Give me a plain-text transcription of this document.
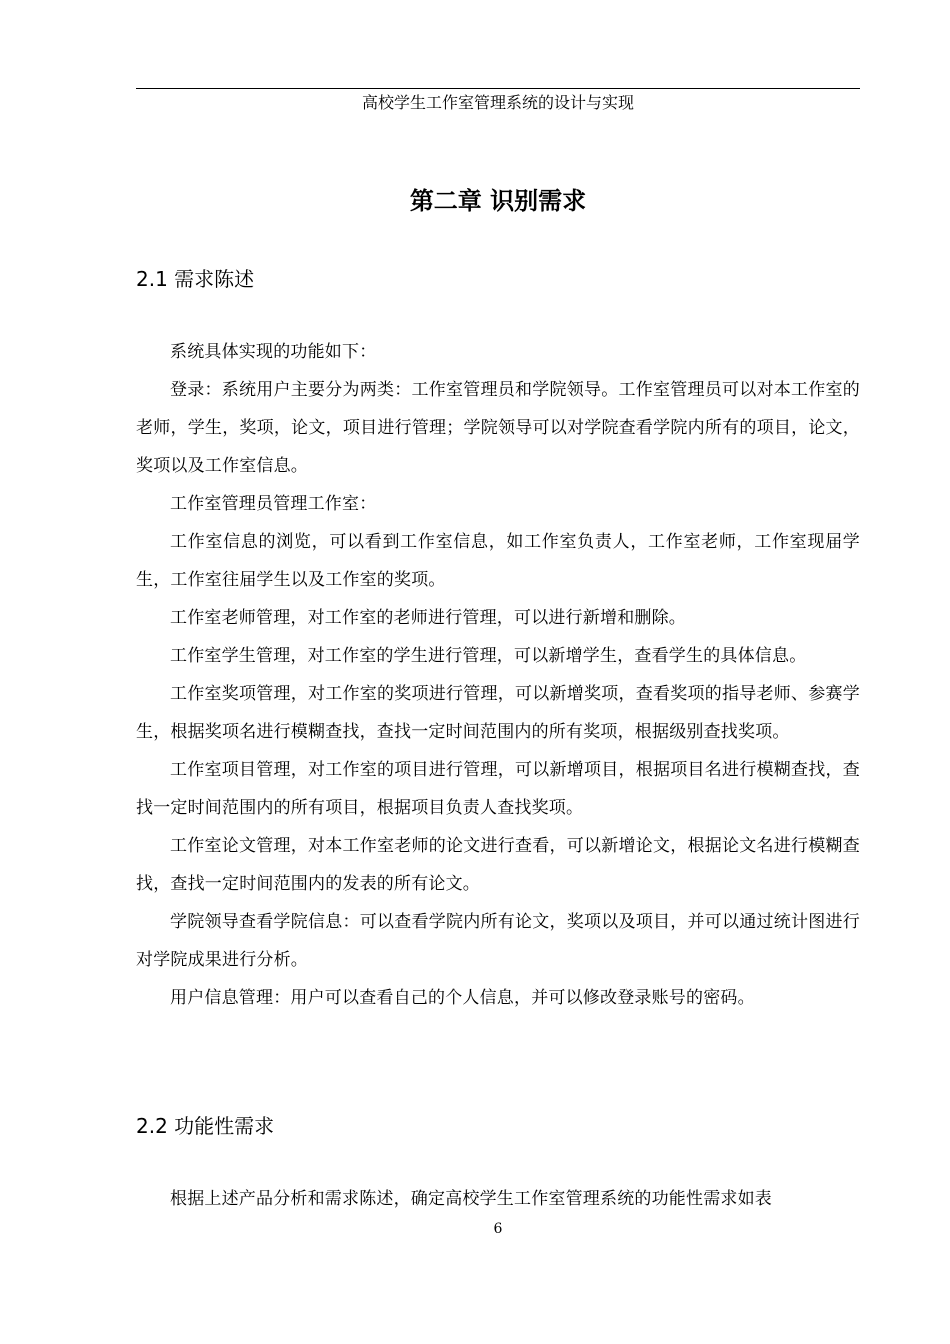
高校学生工作室管理系统的设计与实现
第二章 识别需求
2.1 需求陈述

系统具体实现的功能如下：

登录：系统用户主要分为两类：工作室管理员和学院领导。工作室管理员可以对本工作室的老师，学生，奖项，论文，项目进行管理；学院领导可以对学院查看学院内所有的项目，论文，奖项以及工作室信息。

工作室管理员管理工作室：

工作室信息的浏览，可以看到工作室信息，如工作室负责人，工作室老师，工作室现届学生，工作室往届学生以及工作室的奖项。

工作室老师管理，对工作室的老师进行管理，可以进行新增和删除。

工作室学生管理，对工作室的学生进行管理，可以新增学生，查看学生的具体信息。

工作室奖项管理，对工作室的奖项进行管理，可以新增奖项，查看奖项的指导老师、参赛学生，根据奖项名进行模糊查找，查找一定时间范围内的所有奖项，根据级别查找奖项。

工作室项目管理，对工作室的项目进行管理，可以新增项目，根据项目名进行模糊查找，查找一定时间范围内的所有项目，根据项目负责人查找奖项。

工作室论文管理，对本工作室老师的论文进行查看，可以新增论文，根据论文名进行模糊查找，查找一定时间范围内的发表的所有论文。

学院领导查看学院信息：可以查看学院内所有论文，奖项以及项目，并可以通过统计图进行对学院成果进行分析。

用户信息管理：用户可以查看自己的个人信息，并可以修改登录账号的密码。

2.2 功能性需求

根据上述产品分析和需求陈述，确定高校学生工作室管理系统的功能性需求如表

6
